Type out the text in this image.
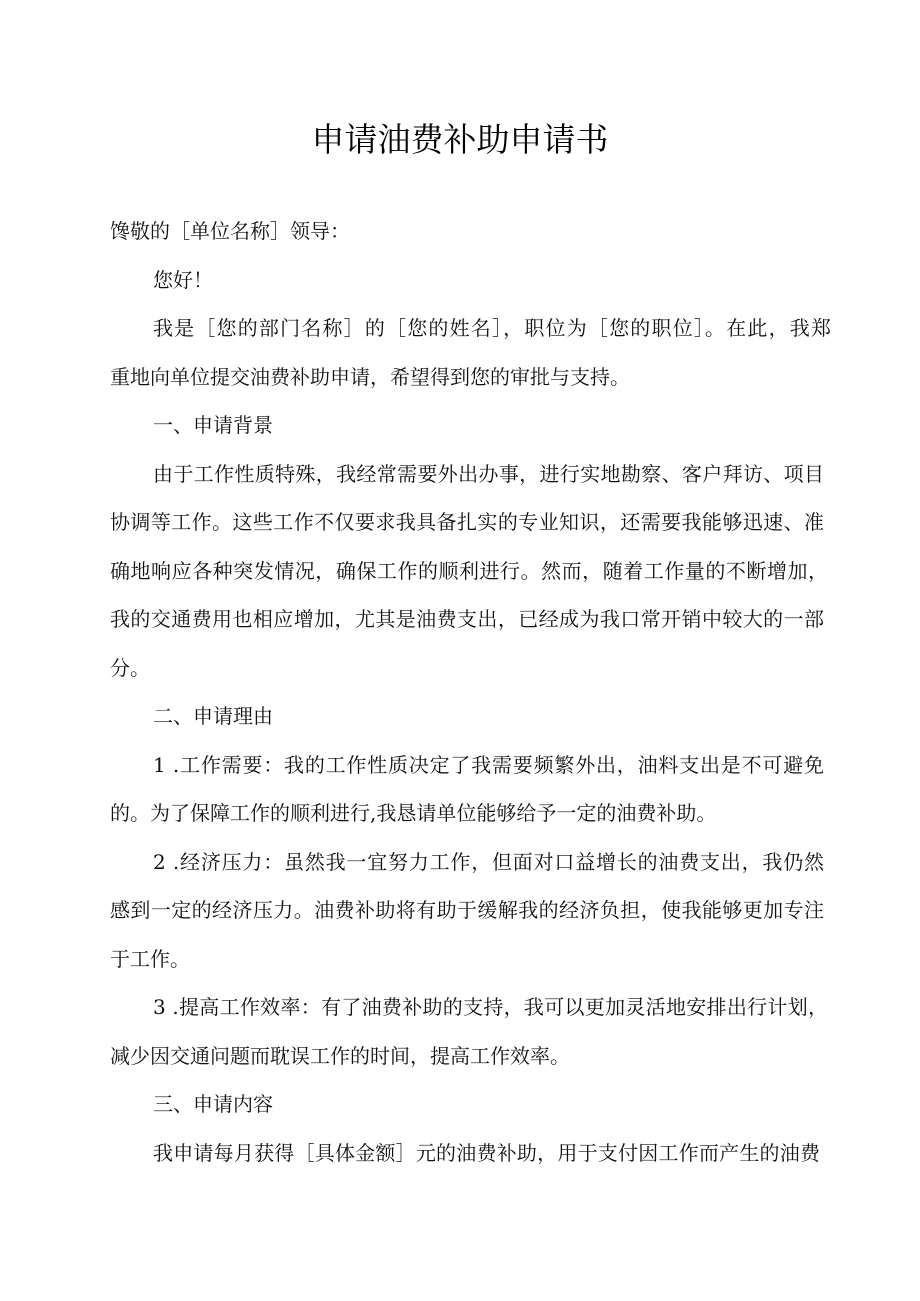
申请油费补助申请书
馋敬的［单位名称］领导：
您好！
我是［您的部门名称］的［您的姓名］，职位为［您的职位］。在此，我郑
重地向单位提交油费补助申请，希望得到您的审批与支持。
一、申请背景
由于工作性质特殊，我经常需要外出办事，进行实地勘察、客户拜访、项目
协调等工作。这些工作不仅要求我具备扎实的专业知识，还需要我能够迅速、准
确地响应各种突发情况，确保工作的顺利进行。然而，随着工作量的不断增加，
我的交通费用也相应增加，尤其是油费支出，已经成为我口常开销中较大的一部
分。
二、申请理由
1 .工作需要：我的工作性质决定了我需要频繁外出，油料支出是不可避免
的。为了保障工作的顺利进行,我恳请单位能够给予一定的油费补助。
2 .经济压力：虽然我一宜努力工作，但面对口益增长的油费支出，我仍然
感到一定的经济压力。油费补助将有助于缓解我的经济负担，使我能够更加专注
于工作。
3 .提高工作效率：有了油费补助的支持，我可以更加灵活地安排出行计划，
减少因交通问题而耽误工作的时间，提高工作效率。
三、申请内容
我申请每月获得［具体金额］元的油费补助，用于支付因工作而产生的油费
